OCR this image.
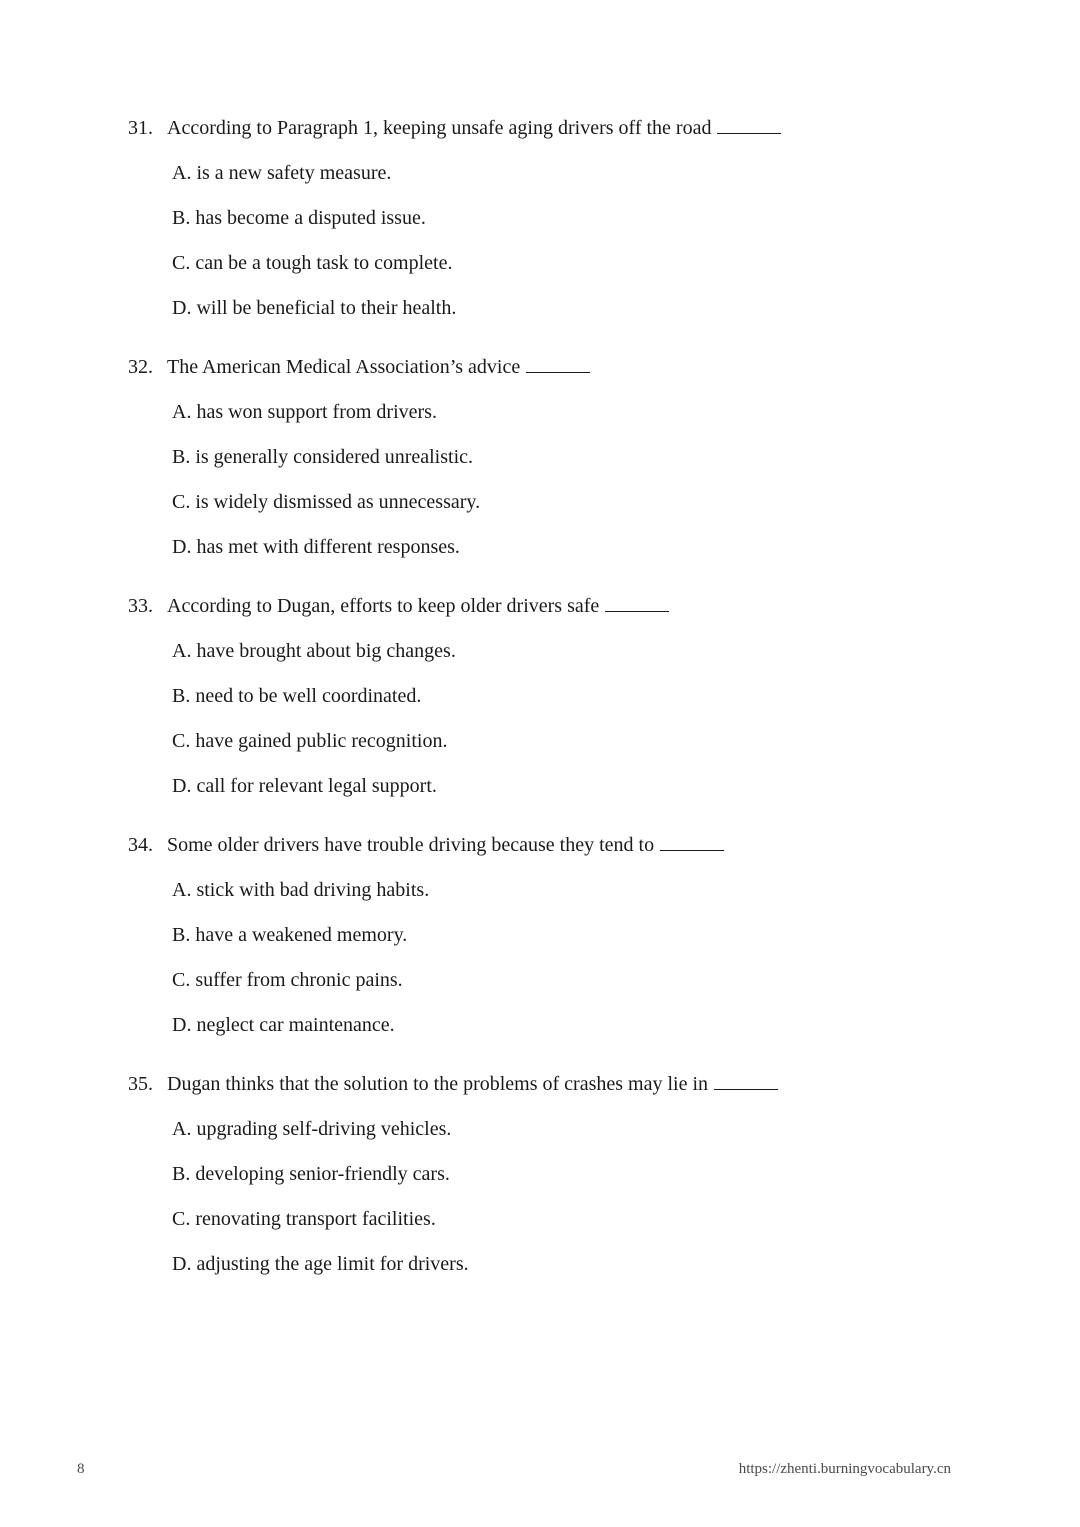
31. According to Paragraph 1, keeping unsafe aging drivers off the road
A. is a new safety measure.
B. has become a disputed issue.
C. can be a tough task to complete.
D. will be beneficial to their health.
32. The American Medical Association’s advice
A. has won support from drivers.
B. is generally considered unrealistic.
C. is widely dismissed as unnecessary.
D. has met with different responses.
33. According to Dugan, efforts to keep older drivers safe
A. have brought about big changes.
B. need to be well coordinated.
C. have gained public recognition.
D. call for relevant legal support.
34. Some older drivers have trouble driving because they tend to
A. stick with bad driving habits.
B. have a weakened memory.
C. suffer from chronic pains.
D. neglect car maintenance.
35. Dugan thinks that the solution to the problems of crashes may lie in
A. upgrading self-driving vehicles.
B. developing senior-friendly cars.
C. renovating transport facilities.
D. adjusting the age limit for drivers.
8	https://zhenti.burningvocabulary.cn
